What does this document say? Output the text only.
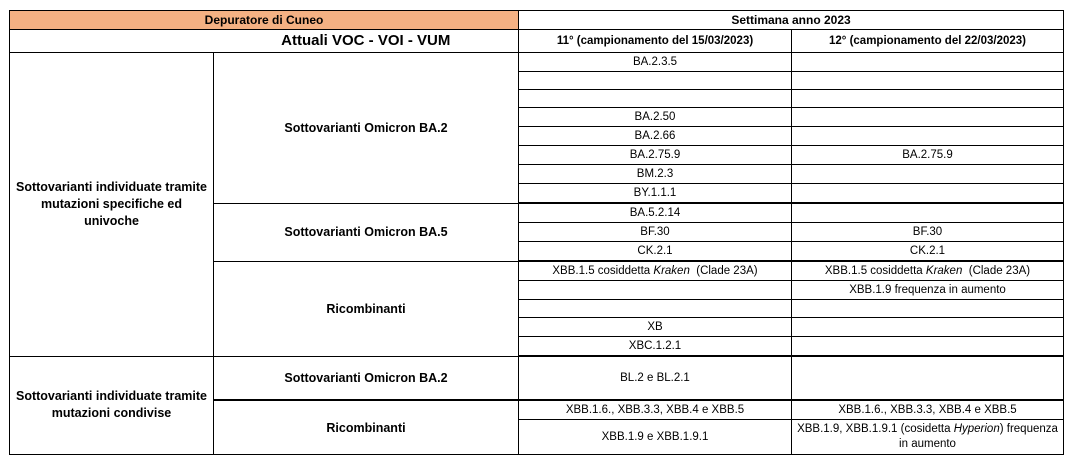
Depuratore di Cuneo		Settimana anno 2023	
	Attuali VOC - VOI - VUM	11° (campionamento del 15/03/2023)	12° (campionamento del 22/03/2023)
Sottovarianti individuate tramite mutazioni specifiche ed univoche	Sottovarianti Omicron BA.2	BA.2.3.5	

		BA.2.50	
		BA.2.66	
		BA.2.75.9	BA.2.75.9
		BM.2.3	
		BY.1.1.1	
	Sottovarianti Omicron BA.5	BA.5.2.14	
		BF.30	BF.30
		CK.2.1	CK.2.1
	Ricombinanti	XBB.1.5 cosiddetta Kraken  (Clade 23A)	XBB.1.5 cosiddetta Kraken  (Clade 23A)
			XBB.1.9 frequenza in aumento

		XB	
		XBC.1.2.1	
Sottovarianti individuate tramite mutazioni condivise	Sottovarianti Omicron BA.2	BL.2 e BL.2.1	
	Ricombinanti	XBB.1.6., XBB.3.3, XBB.4 e XBB.5	XBB.1.6., XBB.3.3, XBB.4 e XBB.5
		XBB.1.9 e XBB.1.9.1	XBB.1.9, XBB.1.9.1 (cosidetta Hyperion) frequenza in aumento
